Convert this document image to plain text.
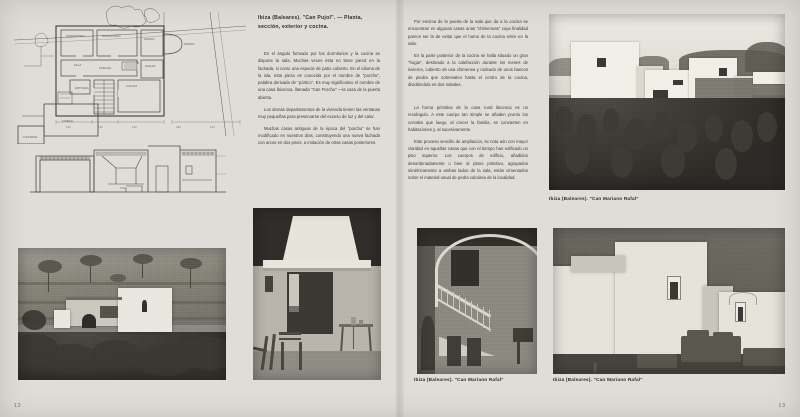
DORMITORIO	DORMITORIO
SALA
PORCHE
COCINA
HORNO
HOGAR
ENTRADA
CORRAL
CISTERNA
HORNO
3.40	2.60	4.20	1.80	3.20
Ibiza (Baleares). "Can Pujol". — Planta, sección, exterior y cocina.

En el ángulo formado por los dormitorios y la cocina se dispone la sala. Muchas veces ésta no tiene pared en la fachada, si como una especie de patio cubierto. En el idioma de la isla, esta pieza es conocida por el nombre de "porchu", palabra derivada de "pórtico". Es muy significativo el nombre de una casa ibicenca, llamada "Can Porchu" —la casa de la puerta abierta.

Los demás departamentos de la vivienda tienen las ventanas muy pequeñas para preservarse del exceso de luz y del calor.

Muchas casas antiguas de la época del "porchu" se han modificado en nuestros días, construyendo una nueva fachada con arcos en dos pisos, a imitación de otras casas posteriores.

12

Por encima de la puerta de la sala que da a la cocina se encuentran en algunas casas unas "chimeneas" cuya finalidad parece ser la de evitar que el humo de la cocina entre en la sala.

En la parte posterior de la cocina se halla situado un gran "hogar", destinado a la calefacción durante los meses de invierno, cubierto de una chimenea y rodeado de unos bancos de piedra que sobresalen hasta el centro de la cocina, dividiéndola en dos mitades.

La forma primitiva de la casa rural ibicenca es un rectángulo. A este cuerpo tan simple se añaden pronto los corrales que luego, al crecer la familia, se convierten en habitaciones y, al sucesivamente.

Este proceso sencillo de ampliación, se nota aún con mayor claridad en aquellas casas que con el tiempo han edificado un piso superior. Los cuerpos de edificio, añadidos desordenadamente o bien al plano primitivo, agrupados simétricamente a ambas lados de la sala, están cimentados sobre el material usual de pedra calcárea de la localidad.

Ibiza (Baleares). "Can Mariano Rafal"
Ibiza (Baleares). "Can Mariano Rafal"	Ibiza (Baleares). "Can Mariano Rafal"
13
